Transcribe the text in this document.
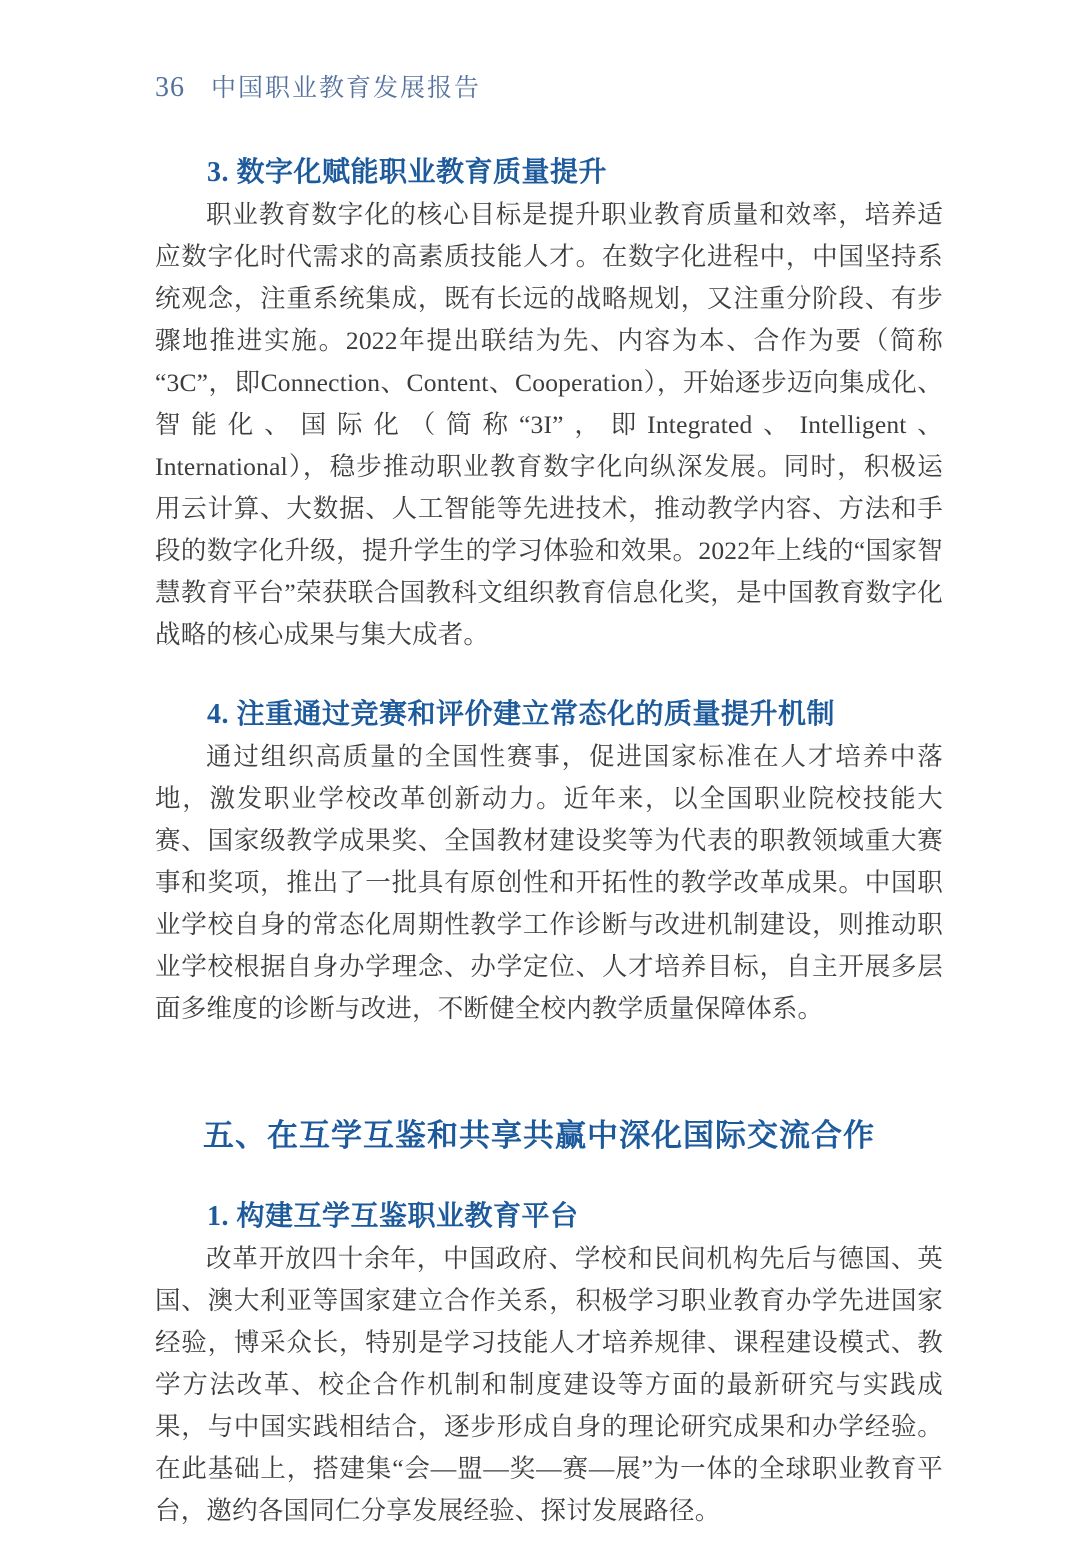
36 中国职业教育发展报告
3. 数字化赋能职业教育质量提升

职业教育数字化的核心目标是提升职业教育质量和效率，培养适应数字化时代需求的高素质技能人才。在数字化进程中，中国坚持系统观念，注重系统集成，既有长远的战略规划，又注重分阶段、有步骤地推进实施。2022年提出联结为先、内容为本、合作为要（简称“3C”，即Connection、Content、Cooperation），开始逐步迈向集成化、智能化、国际化（简称“3I”，即Integrated、Intelligent、International），稳步推动职业教育数字化向纵深发展。同时，积极运用云计算、大数据、人工智能等先进技术，推动教学内容、方法和手段的数字化升级，提升学生的学习体验和效果。2022年上线的“国家智慧教育平台”荣获联合国教科文组织教育信息化奖，是中国教育数字化战略的核心成果与集大成者。

4. 注重通过竞赛和评价建立常态化的质量提升机制

通过组织高质量的全国性赛事，促进国家标准在人才培养中落地，激发职业学校改革创新动力。近年来，以全国职业院校技能大赛、国家级教学成果奖、全国教材建设奖等为代表的职教领域重大赛事和奖项，推出了一批具有原创性和开拓性的教学改革成果。中国职业学校自身的常态化周期性教学工作诊断与改进机制建设，则推动职业学校根据自身办学理念、办学定位、人才培养目标，自主开展多层面多维度的诊断与改进，不断健全校内教学质量保障体系。

五、在互学互鉴和共享共赢中深化国际交流合作
1. 构建互学互鉴职业教育平台

改革开放四十余年，中国政府、学校和民间机构先后与德国、英国、澳大利亚等国家建立合作关系，积极学习职业教育办学先进国家经验，博采众长，特别是学习技能人才培养规律、课程建设模式、教学方法改革、校企合作机制和制度建设等方面的最新研究与实践成果，与中国实践相结合，逐步形成自身的理论研究成果和办学经验。在此基础上，搭建集“会—盟—奖—赛—展”为一体的全球职业教育平台，邀约各国同仁分享发展经验、探讨发展路径。
